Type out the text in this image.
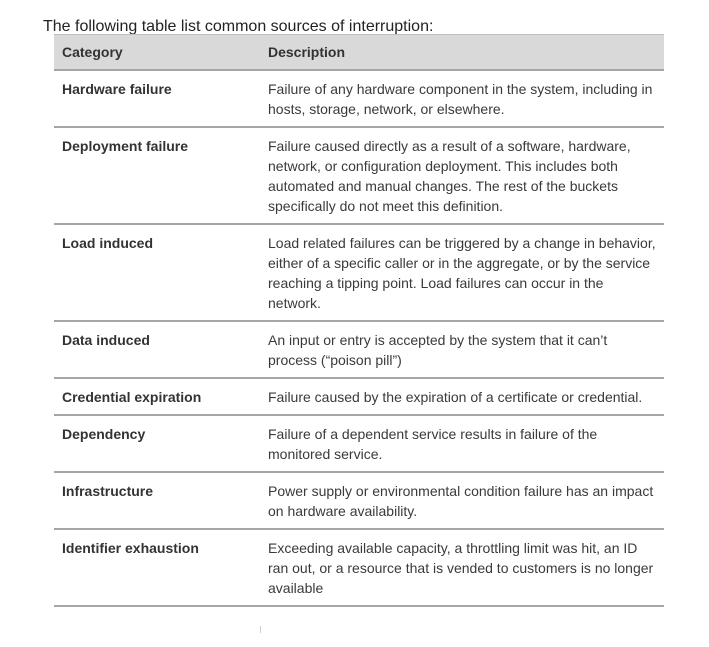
The following table list common sources of interruption:

Category	Description
Hardware failure	Failure of any hardware component in the system, including in hosts, storage, network, or elsewhere.
Deployment failure	Failure caused directly as a result of a software, hardware, network, or configuration deployment. This includes both automated and manual changes. The rest of the buckets specifically do not meet this definition.
Load induced	Load related failures can be triggered by a change in behavior, either of a specific caller or in the aggregate, or by the service reaching a tipping point. Load failures can occur in the network.
Data induced	An input or entry is accepted by the system that it can’t process (“poison pill”)
Credential expiration	Failure caused by the expiration of a certificate or credential.
Dependency	Failure of a dependent service results in failure of the monitored service.
Infrastructure	Power supply or environmental condition failure has an impact on hardware availability.
Identifier exhaustion	Exceeding available capacity, a throttling limit was hit, an ID ran out, or a resource that is vended to customers is no longer available
